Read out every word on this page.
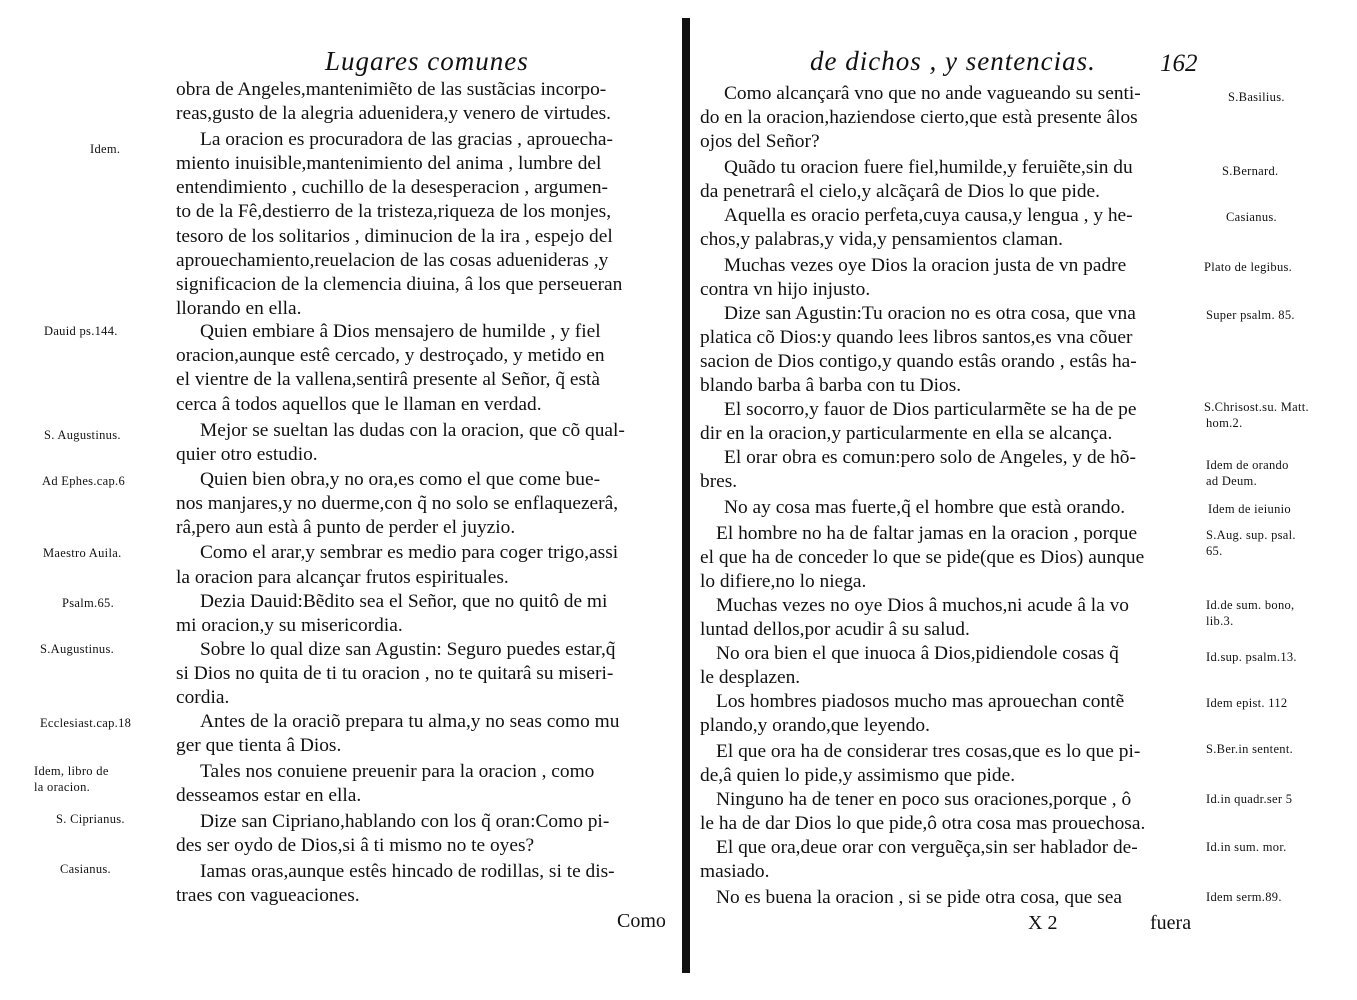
Lugares comunes
obra de Angeles,mantenimiẽto de las sustãcias incorpo-
reas,gusto de la alegria aduenidera,y venero de virtudes.
La oracion es procuradora de las gracias , aprouecha-
miento inuisible,mantenimiento del anima , lumbre del
entendimiento , cuchillo de la desesperacion , argumen-
to de la Fê,destierro de la tristeza,riqueza de los monjes,
tesoro de los solitarios , diminucion de la ira , espejo del
aprouechamiento,reuelacion de las cosas aduenideras ,y
significacion de la clemencia diuina, â los que perseueran
llorando en ella.
Quien embiare â Dios mensajero de humilde , y fiel
oracion,aunque estê cercado, y destroçado, y metido en
el vientre de la vallena,sentirâ presente al Señor, q̃ està
cerca â todos aquellos que le llaman en verdad.
Mejor se sueltan las dudas con la oracion, que cõ qual-
quier otro estudio.
Quien bien obra,y no ora,es como el que come bue-
nos manjares,y no duerme,con q̃ no solo se enflaquezerâ,
râ,pero aun està â punto de perder el juyzio.
Como el arar,y sembrar es medio para coger trigo,assi
la oracion para alcançar frutos espirituales.
Dezia Dauid:Bẽdito sea el Señor, que no quitô de mi
mi oracion,y su misericordia.
Sobre lo qual dize san Agustin: Seguro puedes estar,q̃
si Dios no quita de ti tu oracion , no te quitarâ su miseri-
cordia.
Antes de la oraciõ prepara tu alma,y no seas como mu
ger que tienta â Dios.
Tales nos conuiene preuenir para la oracion , como
desseamos estar en ella.
Dize san Cipriano,hablando con los q̃ oran:Como pi-
des ser oydo de Dios,si â ti mismo no te oyes?
Iamas oras,aunque estês hincado de rodillas, si te dis-
traes con vagueaciones.
Como
Idem.
Dauid ps.144.
S. Augustinus.
Ad Ephes.cap.6
Maestro Auila.
Psalm.65.
S.Augustinus.
Ecclesiast.cap.18
Idem, libro de
la oracion.
S. Ciprianus.
Casianus.
de dichos , y sentencias.	162
Como alcançarâ vno que no ande vagueando su senti-
do en la oracion,haziendose cierto,que està presente âlos
ojos del Señor?
Quãdo tu oracion fuere fiel,humilde,y feruiẽte,sin du
da penetrarâ el cielo,y alcãçarâ de Dios lo que pide.
Aquella es oracio perfeta,cuya causa,y lengua , y he-
chos,y palabras,y vida,y pensamientos claman.
Muchas vezes oye Dios la oracion justa de vn padre
contra vn hijo injusto.
Dize san Agustin:Tu oracion no es otra cosa, que vna
platica cõ Dios:y quando lees libros santos,es vna cõuer
sacion de Dios contigo,y quando estâs orando , estâs ha-
blando barba â barba con tu Dios.
El socorro,y fauor de Dios particularmẽte se ha de pe
dir en la oracion,y particularmente en ella se alcança.
El orar obra es comun:pero solo de Angeles, y de hõ-
bres.
No ay cosa mas fuerte,q̃ el hombre que està orando.
El hombre no ha de faltar jamas en la oracion , porque
el que ha de conceder lo que se pide(que es Dios) aunque
lo difiere,no lo niega.
Muchas vezes no oye Dios â muchos,ni acude â la vo
luntad dellos,por acudir â su salud.
No ora bien el que inuoca â Dios,pidiendole cosas q̃
le desplazen.
Los hombres piadosos mucho mas aprouechan contẽ
plando,y orando,que leyendo.
El que ora ha de considerar tres cosas,que es lo que pi-
de,â quien lo pide,y assimismo que pide.
Ninguno ha de tener en poco sus oraciones,porque , ô
le ha de dar Dios lo que pide,ô otra cosa mas prouechosa.
El que ora,deue orar con verguẽça,sin ser hablador de-
masiado.
No es buena la oracion , si se pide otra cosa, que sea
X 2	fuera
S.Basilius.
S.Bernard.
Casianus.
Plato de legibus.
Super psalm. 85.
S.Chrisost.su. Matt.
hom.2.
Idem de orando
ad Deum.
Idem de ieiunio
S.Aug. sup. psal.
65.
Id.de sum. bono,
lib.3.
Id.sup. psalm.13.
Idem epist. 112
S.Ber.in sentent.
Id.in quadr.ser 5
Id.in sum. mor.
Idem serm.89.
